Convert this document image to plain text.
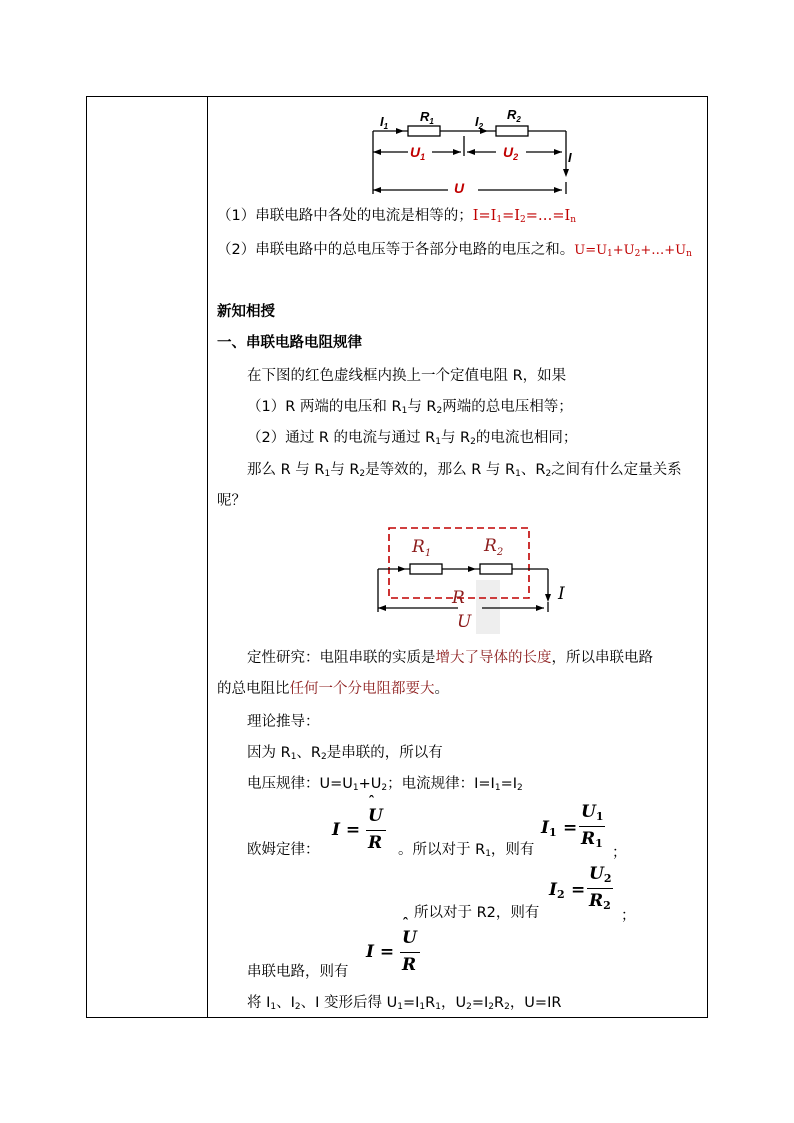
$I_1$
$R_1$	$I_2$
$R_2$
I
$U_1$	$U_2$
U
（1）串联电路中各处的电流是相等的；$I=I_1=I_2=\dots=I_n$
（2）串联电路中的总电压等于各部分电路的电压之和。$U=U_1+U_2+\dots+U_n$
新知相授
一、串联电路电阻规律
在下图的红色虚线框内换上一个定值电阻 R，如果
（1）R 两端的电压和 $R_1$与 $R_2$两端的总电压相等；
（2）通过 R 的电流与通过 $R_1$与 $R_2$的电流也相同；
那么 R 与 $R_1$与 $R_2$是等效的，那么 R 与 $R_1$、$R_2$之间有什么定量关系
呢？
$R_1$	$R_2$
R
U
I
定性研究：电阻串联的实质是增大了导体的长度，所以串联电路
的总电阻比任何一个分电阻都要大。
理论推导：
因为 $R_1$、$R_2$是串联的，所以有
电压规律：$U=U_1+U_2$；电流规律：$I=I_1=I_2$
欧姆定律：
I =
ˆ
U
R 。所以对于 $R_1$，则有
$I_1$ =
$U_1$
$R_1$
；
所以对于 R2，则有
$I_2$ =
$U_2$
$R_2$
；
串联电路，则有
I =
ˆ
U
R
将 $I_1$、$I_2$、I 变形后得 $U_1=I_1R_1$，$U_2=I_2R_2$，U=IR
